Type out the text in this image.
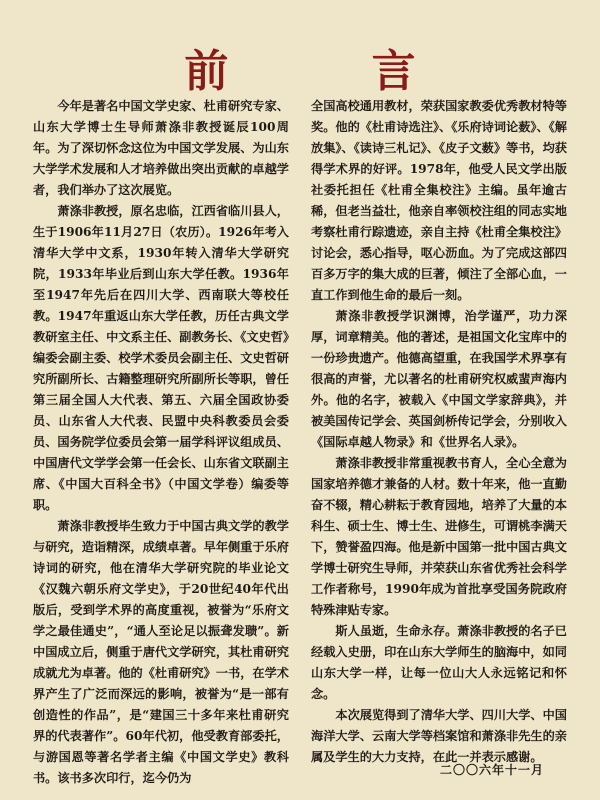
前 言

今年是著名中国文学史家、杜甫研究专家、山东大学博士生导师萧涤非教授诞辰100周年。为了深切怀念这位为中国文学发展、为山东大学学术发展和人才培养做出突出贡献的卓越学者，我们举办了这次展览。

萧涤非教授，原名忠临，江西省临川县人，生于1906年11月27日（农历）。1926年考入清华大学中文系，1930年转入清华大学研究院，1933年毕业后到山东大学任教。1936年至1947年先后在四川大学、西南联大等校任教。1947年重返山东大学任教，历任古典文学教研室主任、中文系主任、副教务长、《文史哲》编委会副主委、校学术委员会副主任、文史哲研究所副所长、古籍整理研究所副所长等职，曾任第三届全国人大代表、第五、六届全国政协委员、山东省人大代表、民盟中央科教委员会委员、国务院学位委员会第一届学科评议组成员、中国唐代文学学会第一任会长、山东省文联副主席、《中国大百科全书》（中国文学卷）编委等职。

萧涤非教授毕生致力于中国古典文学的教学与研究，造诣精深，成绩卓著。早年侧重于乐府诗词的研究，他在清华大学研究院的毕业论文《汉魏六朝乐府文学史》，于20世纪40年代出版后，受到学术界的高度重视，被誉为“乐府文学之最佳通史”，“通人至论足以振聋发聩”。新中国成立后，侧重于唐代文学研究，其杜甫研究成就尤为卓著。他的《杜甫研究》一书，在学术界产生了广泛而深远的影响，被誉为“是一部有创造性的作品”，是“建国三十多年来杜甫研究界的代表著作”。60年代初，他受教育部委托，与游国恩等著名学者主编《中国文学史》教科书。该书多次印行，迄今仍为

全国高校通用教材，荣获国家教委优秀教材特等奖。他的《杜甫诗选注》、《乐府诗词论薮》、《解放集》、《读诗三札记》、《皮子文薮》等书，均获得学术界的好评。1978年，他受人民文学出版社委托担任《杜甫全集校注》主编。虽年逾古稀，但老当益壮，他亲自率领校注组的同志实地考察杜甫行踪遗迹，亲自主持《杜甫全集校注》讨论会，悉心指导，呕心沥血。为了完成这部四百多万字的集大成的巨著，倾注了全部心血，一直工作到他生命的最后一刻。

萧涤非教授学识渊博，治学谨严，功力深厚，词章精美。他的著述，是祖国文化宝库中的一份珍贵遗产。他德高望重，在我国学术界享有很高的声誉，尤以著名的杜甫研究权威蜚声海内外。他的名字，被载入《中国文学家辞典》，并被美国传记学会、英国剑桥传记学会，分别收入《国际卓越人物录》和《世界名人录》。

萧涤非教授非常重视教书育人，全心全意为国家培养德才兼备的人材。数十年来，他一直勤奋不辍，精心耕耘于教育园地，培养了大量的本科生、硕士生、博士生、进修生，可谓桃李满天下，赞誉盈四海。他是新中国第一批中国古典文学博士研究生导师，并荣获山东省优秀社会科学工作者称号，1990年成为首批享受国务院政府特殊津贴专家。

斯人虽逝，生命永存。萧涤非教授的名子已经载入史册，印在山东大学师生的脑海中，如同山东大学一样，让每一位山大人永远铭记和怀念。

本次展览得到了清华大学、四川大学、中国海洋大学、云南大学等档案馆和萧涤非先生的亲属及学生的大力支持，在此一并表示感谢。

二〇〇六年十一月
